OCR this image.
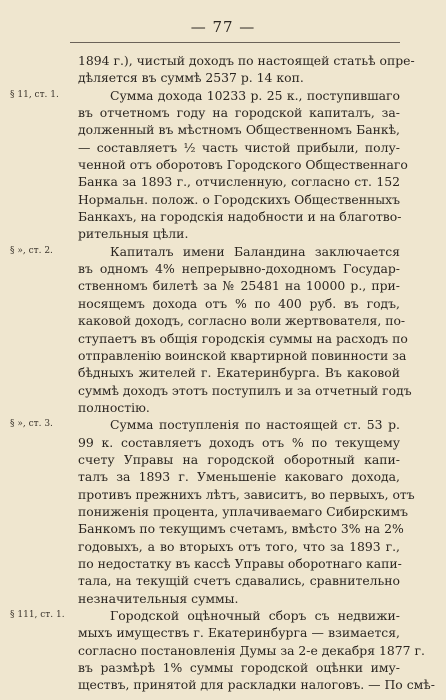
— 77 —
1894 г.), чистый доходъ по настоящей статьѣ опре-
дѣляется въ суммѣ 2537 р. 14 коп.
§ 11, ст. 1.	Сумма дохода 10233 р. 25 к., поступившаго
въ отчетномъ году на городской капиталъ, за-
долженный въ мѣстномъ Общественномъ Банкѣ,
— составляетъ ½ часть чистой прибыли, полу-
ченной отъ оборотовъ Городского Общественнаго
Банка за 1893 г., отчисленную, согласно ст. 152
Нормальн. полож. о Городскихъ Общественныхъ
Банкахъ, на городскія надобности и на благотво-
рительныя цѣли.
§ », ст. 2.	Капиталъ имени Баландина заключается
въ одномъ 4% непрерывно-доходномъ Государ-
ственномъ билетѣ за № 25481 на 10000 р., при-
носящемъ дохода отъ % по 400 руб. въ годъ,
каковой доходъ, согласно воли жертвователя, по-
ступаетъ въ общія городскія суммы на расходъ по
отправленію воинской квартирной повинности за
бѣдныхъ жителей г. Екатеринбурга. Въ каковой
суммѣ доходъ этотъ поступилъ и за отчетный годъ
полностію.
§ », ст. 3.	Сумма поступленія по настоящей ст. 53 р.
99 к. составляетъ доходъ отъ % по текущему
счету Управы на городской оборотный капи-
талъ за 1893 г. Уменьшеніе каковаго дохода,
противъ прежнихъ лѣтъ, зависитъ, во первыхъ, отъ
пониженія процента, уплачиваемаго Сибирскимъ
Банкомъ по текущимъ счетамъ, вмѣсто 3% на 2%
годовыхъ, а во вторыхъ отъ того, что за 1893 г.,
по недостатку въ кассѣ Управы оборотнаго капи-
тала, на текущій счетъ сдавались, сравнительно
незначительныя суммы.
§ 111, ст. 1.	Городской оцѣночный сборъ съ недвижи-
мыхъ имуществъ г. Екатеринбурга — взимается,
согласно постановленія Думы за 2-е декабря 1877 г.
въ размѣрѣ 1% суммы городской оцѣнки иму-
ществъ, принятой для раскладки налоговъ. — По смѣ-
